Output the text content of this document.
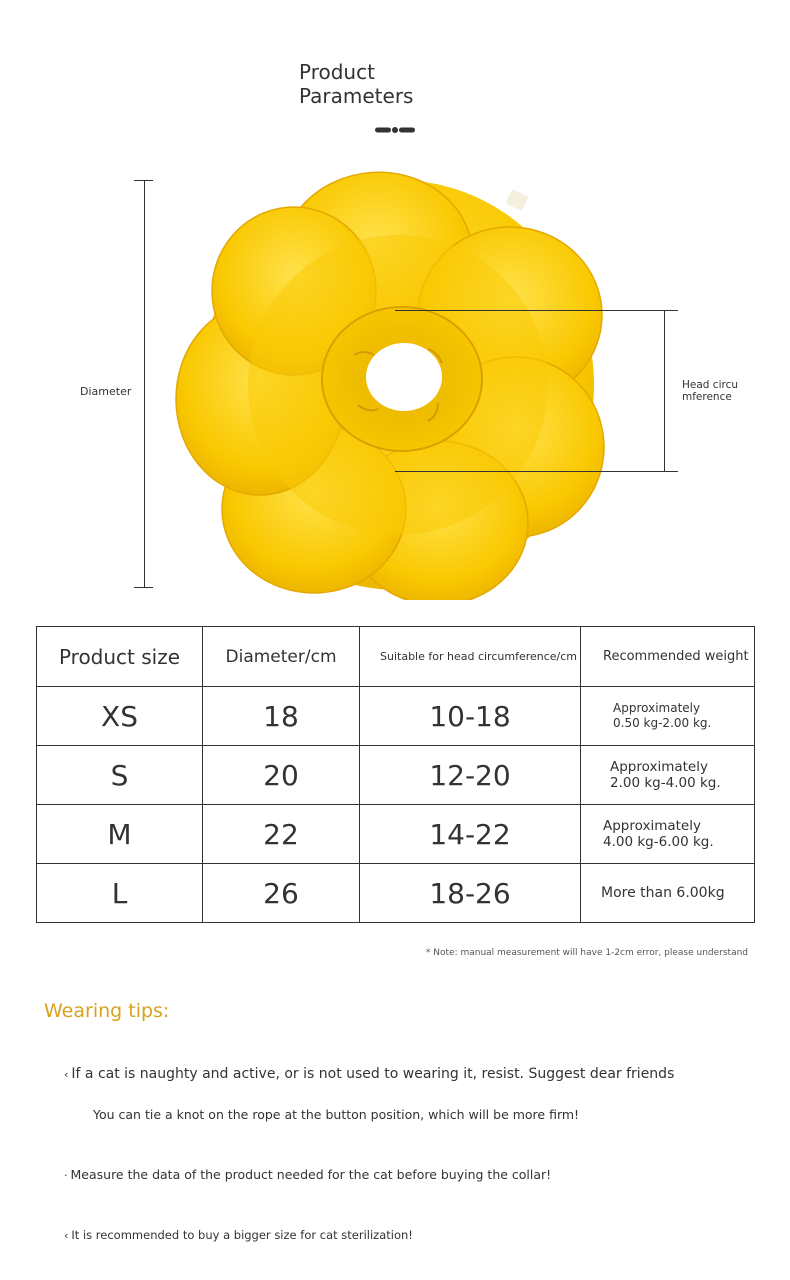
Product
Parameters
Diameter	Head circu mference
Product size	Diameter/cm	Suitable for head circumference/cm	Recommended weight
XS	18	10-18	Approximately
0.50 kg-2.00 kg.

S	20	12-20	Approximately
2.00 kg-4.00 kg.

M	22	14-22	Approximately
4.00 kg-6.00 kg.

L	26	18-26	More than 6.00kg
* Note: manual measurement will have 1-2cm error, please understand
Wearing tips:
‹ If a cat is naughty and active, or is not used to wearing it, resist. Suggest dear friends
You can tie a knot on the rope at the button position, which will be more firm!
· Measure the data of the product needed for the cat before buying the collar!
‹ It is recommended to buy a bigger size for cat sterilization!
